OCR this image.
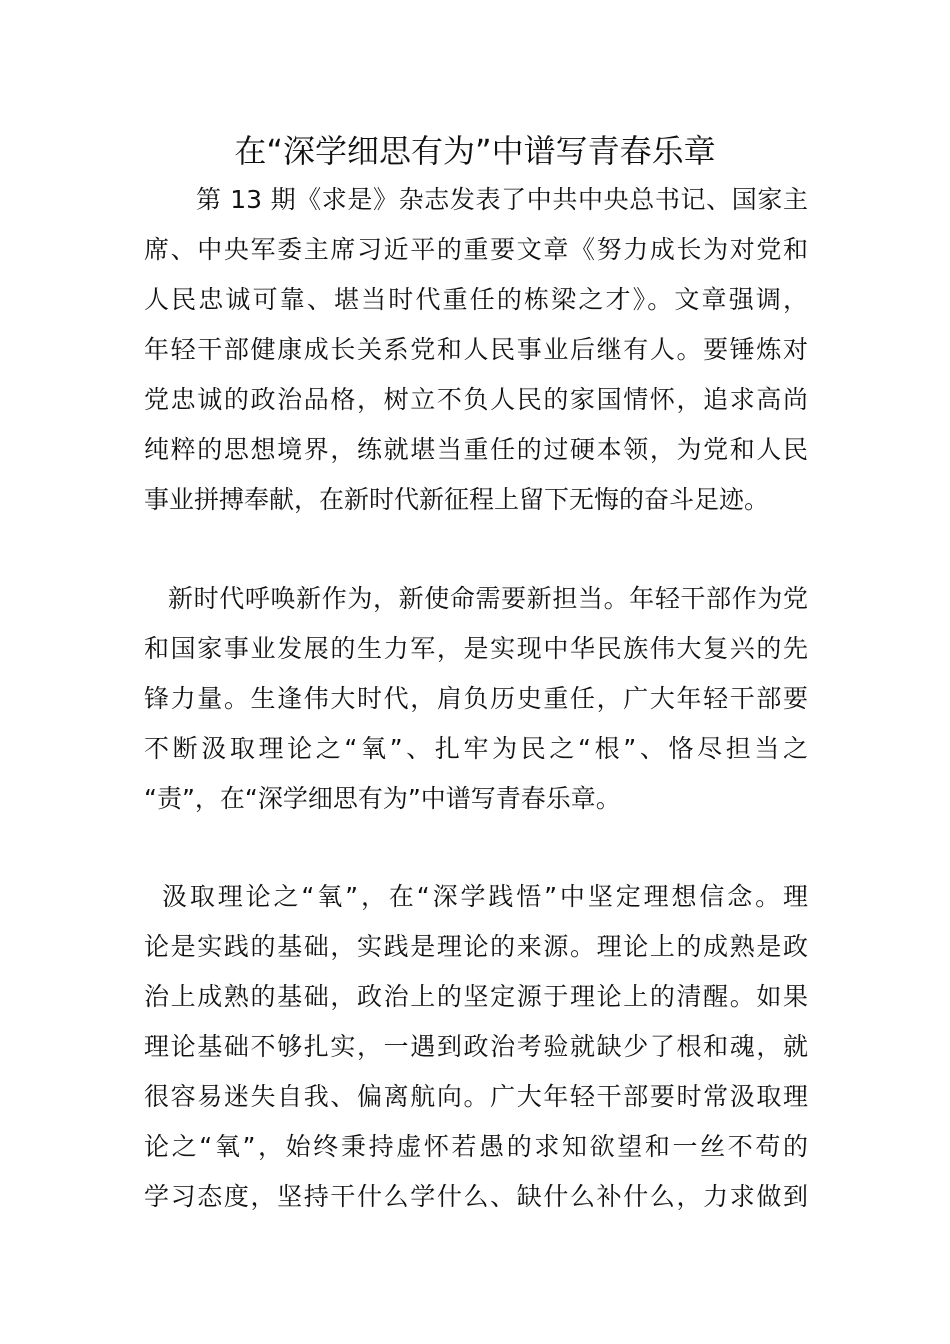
在“深学细思有为”中谱写青春乐章
第 13 期《求是》杂志发表了中共中央总书记、国家主
席、中央军委主席习近平的重要文章《努力成长为对党和
人民忠诚可靠、堪当时代重任的栋梁之才》。文章强调，
年轻干部健康成长关系党和人民事业后继有人。要锤炼对
党忠诚的政治品格，树立不负人民的家国情怀，追求高尚
纯粹的思想境界，练就堪当重任的过硬本领，为党和人民
事业拼搏奉献，在新时代新征程上留下无悔的奋斗足迹。
新时代呼唤新作为，新使命需要新担当。年轻干部作为党
和国家事业发展的生力军，是实现中华民族伟大复兴的先
锋力量。生逢伟大时代，肩负历史重任，广大年轻干部要
不断汲取理论之“氧”、扎牢为民之“根”、恪尽担当之
“责”，在“深学细思有为”中谱写青春乐章。
汲取理论之“氧”，在“深学践悟”中坚定理想信念。理
论是实践的基础，实践是理论的来源。理论上的成熟是政
治上成熟的基础，政治上的坚定源于理论上的清醒。如果
理论基础不够扎实，一遇到政治考验就缺少了根和魂，就
很容易迷失自我、偏离航向。广大年轻干部要时常汲取理
论之“氧”，始终秉持虚怀若愚的求知欲望和一丝不苟的
学习态度，坚持干什么学什么、缺什么补什么，力求做到
